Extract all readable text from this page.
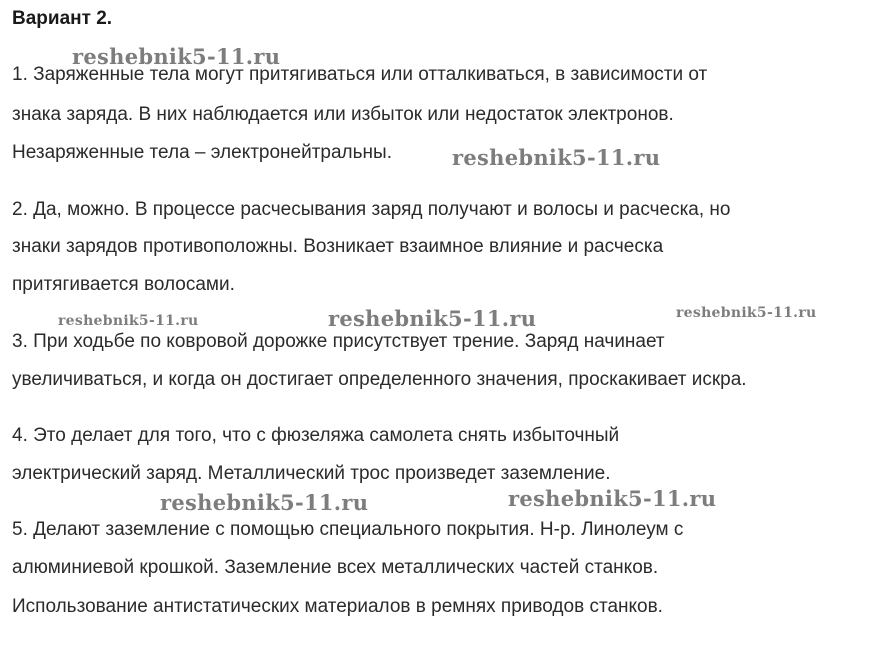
Вариант 2.
1. Заряженные тела могут притягиваться или отталкиваться, в зависимости от
знака заряда. В них наблюдается или избыток или недостаток электронов.
Незаряженные тела – электронейтральны.
2. Да, можно. В процессе расчесывания заряд получают и волосы и расческа, но
знаки зарядов противоположны. Возникает взаимное влияние и расческа
притягивается волосами.
3. При ходьбе по ковровой дорожке присутствует трение. Заряд начинает
увеличиваться, и когда он достигает определенного значения, проскакивает искра.
4. Это делает для того, что с фюзеляжа самолета снять избыточный
электрический заряд. Металлический трос произведет заземление.
5. Делают заземление с помощью специального покрытия. Н-р. Линолеум с
алюминиевой крошкой. Заземление всех металлических частей станков.
Использование антистатических материалов в ремнях приводов станков.
reshebnik5-11.ru
reshebnik5-11.ru
reshebnik5-11.ru	reshebnik5-11.ru	reshebnik5-11.ru
reshebnik5-11.ru	reshebnik5-11.ru
